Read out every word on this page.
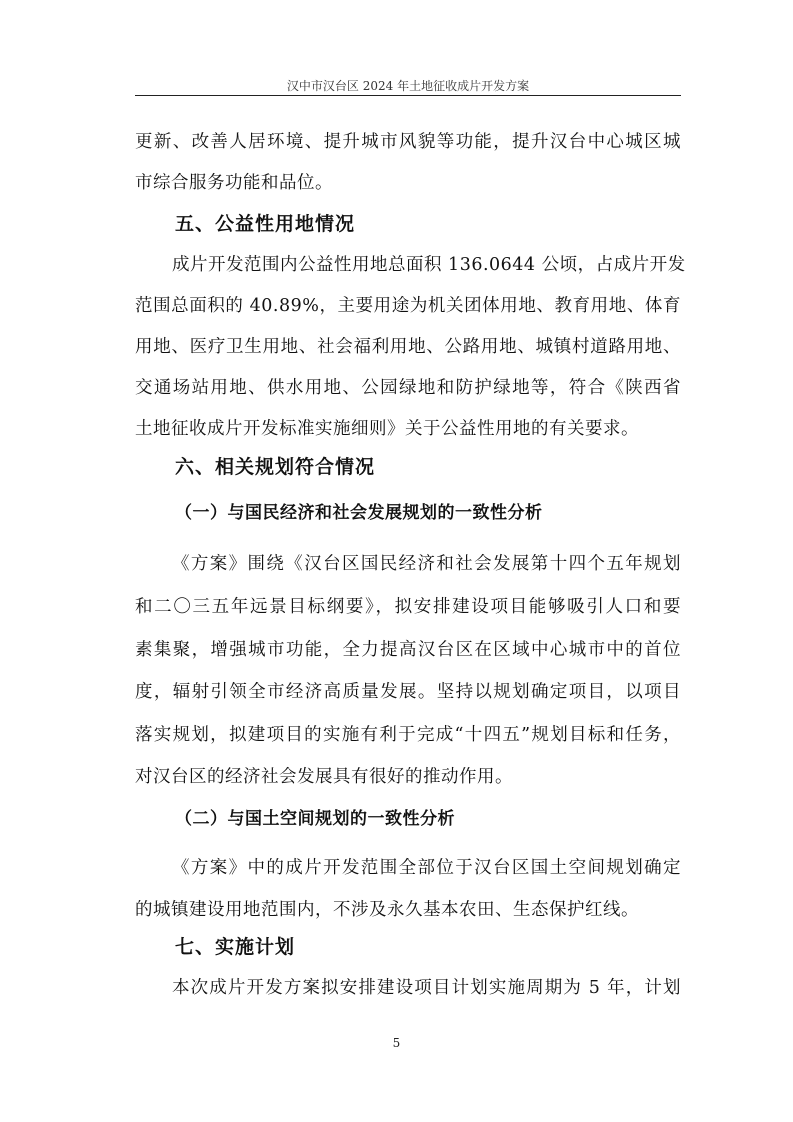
汉中市汉台区 2024 年土地征收成片开发方案
更新、改善人居环境、提升城市风貌等功能，提升汉台中心城区城
市综合服务功能和品位。
五、公益性用地情况
成片开发范围内公益性用地总面积 136.0644 公顷，占成片开发
范围总面积的 40.89%，主要用途为机关团体用地、教育用地、体育
用地、医疗卫生用地、社会福利用地、公路用地、城镇村道路用地、
交通场站用地、供水用地、公园绿地和防护绿地等，符合《陕西省
土地征收成片开发标准实施细则》关于公益性用地的有关要求。
六、相关规划符合情况
（一）与国民经济和社会发展规划的一致性分析
《方案》围绕《汉台区国民经济和社会发展第十四个五年规划
和二〇三五年远景目标纲要》，拟安排建设项目能够吸引人口和要
素集聚，增强城市功能，全力提高汉台区在区域中心城市中的首位
度，辐射引领全市经济高质量发展。坚持以规划确定项目，以项目
落实规划，拟建项目的实施有利于完成“十四五”规划目标和任务，
对汉台区的经济社会发展具有很好的推动作用。
（二）与国土空间规划的一致性分析
《方案》中的成片开发范围全部位于汉台区国土空间规划确定
的城镇建设用地范围内，不涉及永久基本农田、生态保护红线。
七、实施计划
本次成片开发方案拟安排建设项目计划实施周期为 5 年，计划
5
